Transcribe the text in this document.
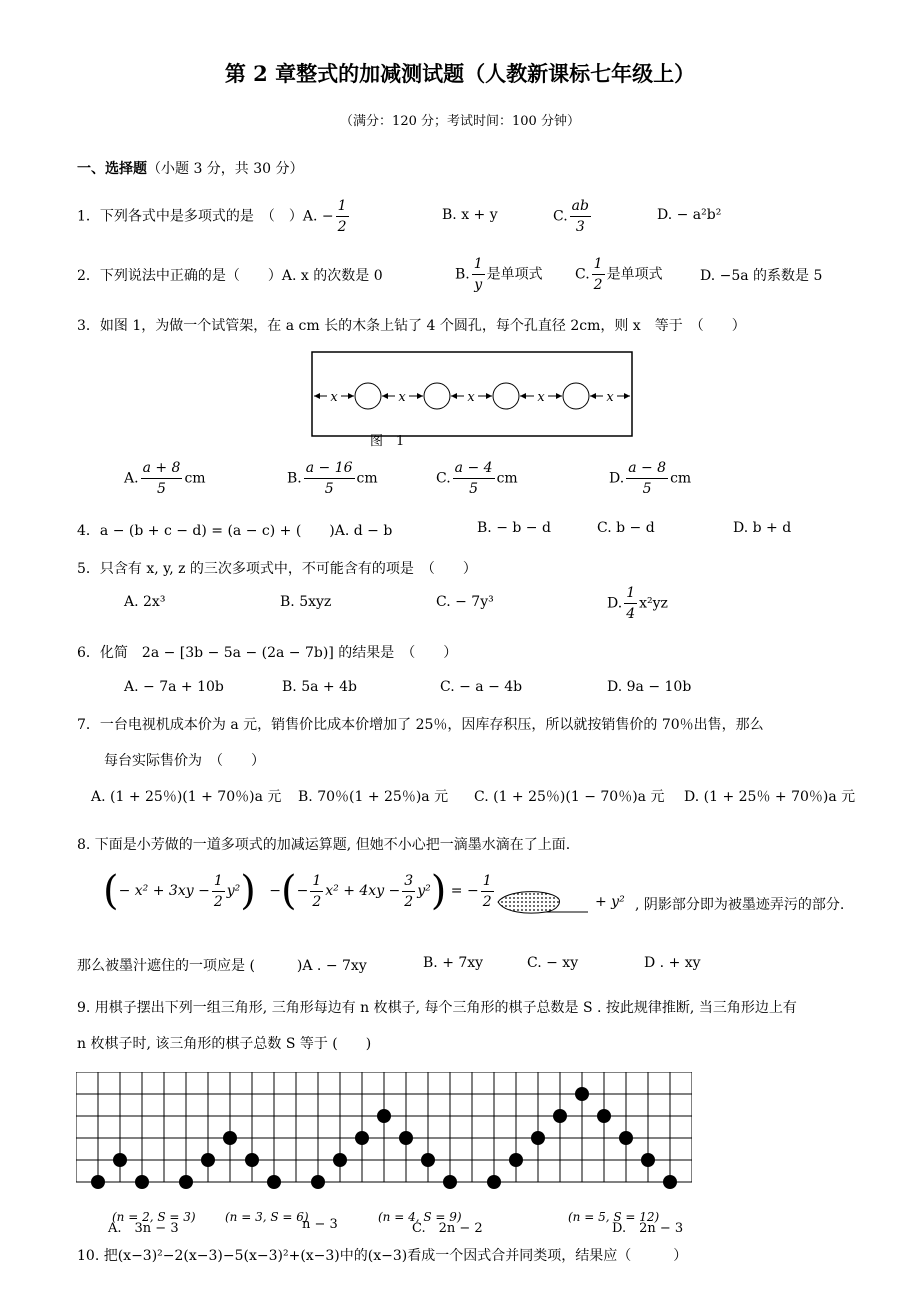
第 2 章整式的加减测试题（人教新课标七年级上）
（满分：120 分；考试时间：100 分钟）
一、选择题（小题 3 分，共 30 分）
1．下列各式中是多项式的是　（　）A. − $\frac{1}{2}$	B. x + y	C. $\frac{ab}{3}$	D. − a²b²
2．下列说法中正确的是（　　）A. x 的次数是 0	B. $\frac{1}{y}$ 是单项式 C. $\frac{1}{2}$ 是单项式	D. −5a 的系数是 5
3．如图 1，为做一个试管架，在 a cm 长的木条上钻了 4 个圆孔，每个孔直径 2cm，则 x　等于　（　　）
x	x	x	x	x
图　1
A. $\frac{a + 8}{5}$ cm	B. $\frac{a - 16}{5}$ cm	C. $\frac{a - 4}{5}$ cm	D. $\frac{a - 8}{5}$ cm
4．a − (b + c − d) = (a − c) + (　　)A. d − b	B. − b − d	C. b − d	D. b + d
5．只含有 x, y, z 的三次多项式中，不可能含有的项是　（　　）
A. 2x³	B. 5xyz	C. − 7y³	D. $\frac{1}{4} x^2yz$
6．化简　2a − [3b − 5a − (2a − 7b)] 的结果是　（　　）
A. − 7a + 10b	B. 5a + 4b	C. − a − 4b	D. 9a − 10b
7．一台电视机成本价为 a 元，销售价比成本价增加了 25％，因库存积压，所以就按销售价的 70％出售，那么
每台实际售价为　（　　）
A. (1 + 25％)(1 + 70％)a 元 B. 70％(1 + 25％)a 元 C. (1 + 25％)(1 − 70％)a 元 D. (1 + 25％ + 70％)a 元
8. 下面是小芳做的一道多项式的加减运算题, 但她不小心把一滴墨水滴在了上面.
(− $x^2 + 3xy - \frac{1}{2} y^2$) −(− $\frac{1}{2} x^2 + 4xy - \frac{3}{2} y^2$) = − $\frac{1}{2}$	+ y² , 阴影部分即为被墨迹弄污的部分.
那么被墨汁遮住的一项应是 (　　　)A . − 7xy	B. + 7xy	C. − xy	D . + xy
9. 用棋子摆出下列一组三角形, 三角形每边有 n 枚棋子, 每个三角形的棋子总数是 S . 按此规律推断, 当三角形边上有
n 枚棋子时, 该三角形的棋子总数 S 等于 (　　)
(n = 2, S = 3) (n = 3, S = 6)	(n = 4, S = 9)	(n = 5, S = 12)
A.　3n − 3	n − 3	C.　2n − 2	D.　2n − 3
10. 把(x−3)²−2(x−3)−5(x−3)²+(x−3)中的(x−3)看成一个因式合并同类项，结果应（　　　）
